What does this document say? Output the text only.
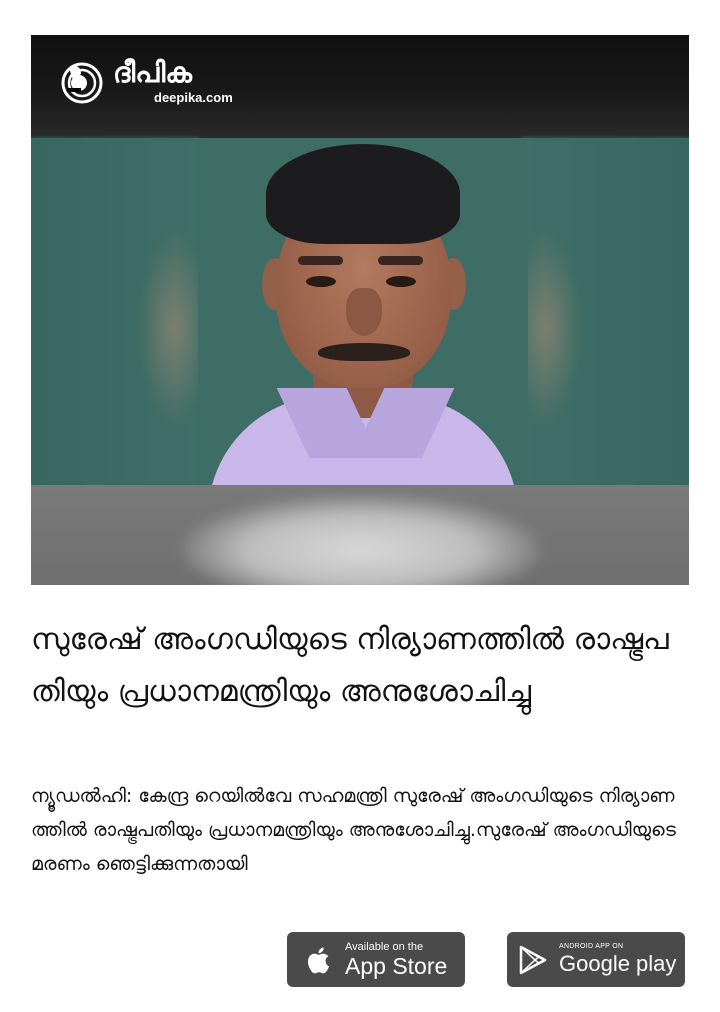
ദീപിക
deepika.com
സുരേഷ് അംഗഡിയുടെ നിര്യാണത്തിൽ രാഷ്ട്രപതിയും പ്രധാനമന്ത്രിയും അനുശോചിച്ചു

ന്യൂഡൽഹി: കേന്ദ്ര റെയിൽവേ സഹമന്ത്രി സുരേഷ് അംഗഡിയുടെ നിര്യാണത്തിൽ രാഷ്ട്രപതിയും പ്രധാനമന്ത്രിയും അനുശോചിച്ചു.സുരേഷ് അംഗഡിയുടെ മരണം ഞെട്ടിക്കുന്നതായി

Available on the
App Store
ANDROID APP ON
Google play
